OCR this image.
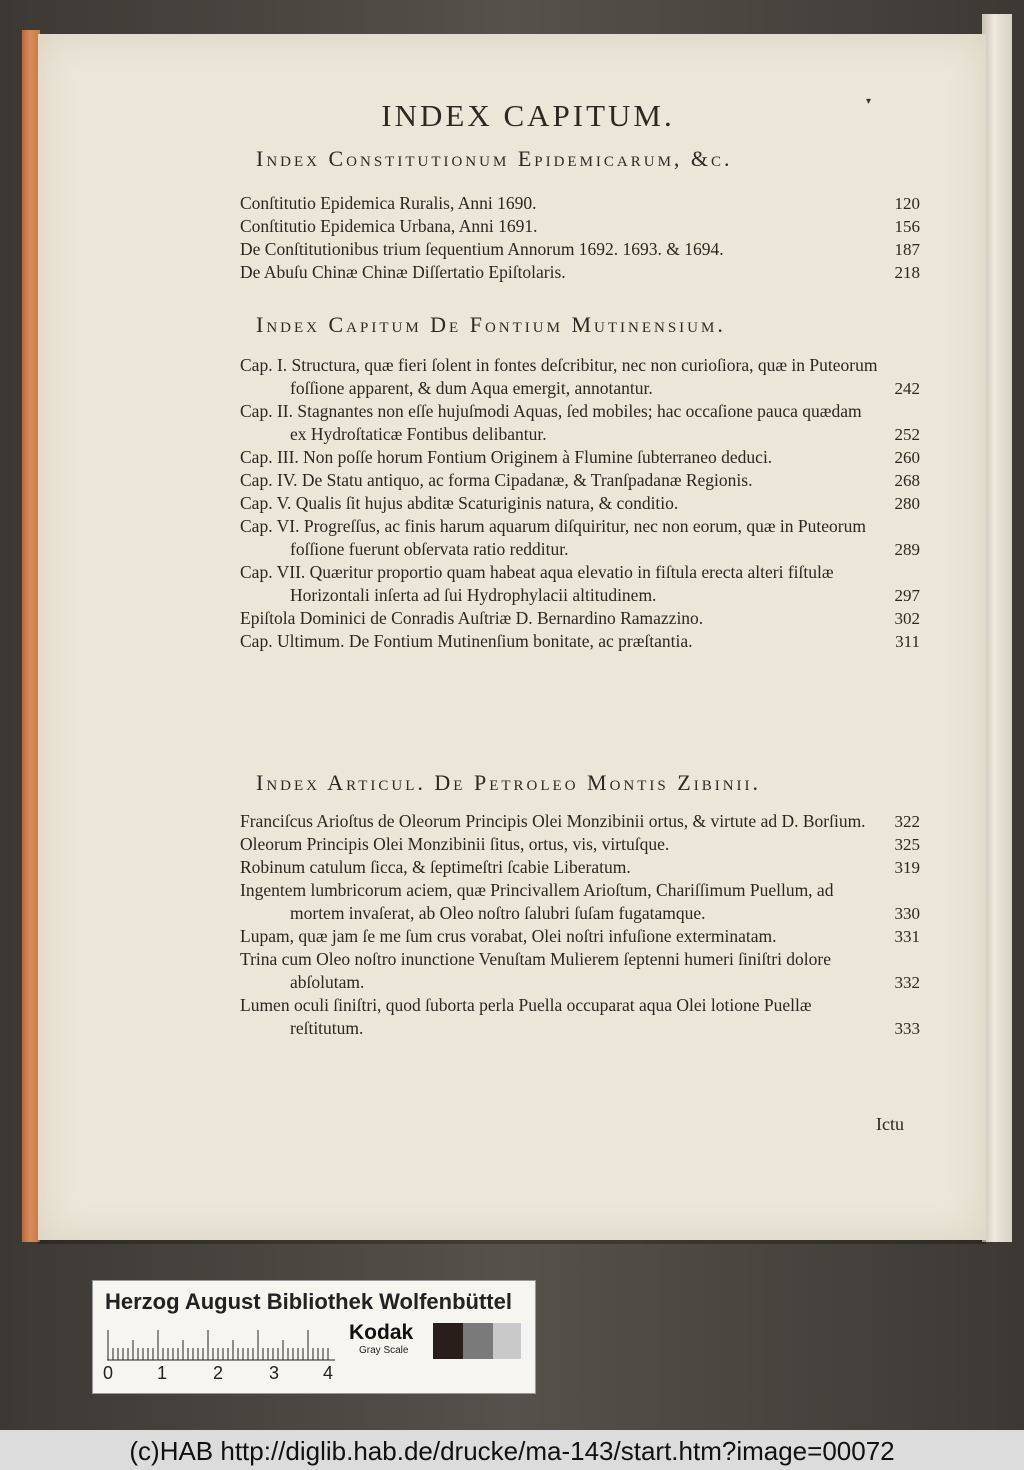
▾
INDEX CAPITUM.
Index Constitutionum Epidemicarum, &c.
Conſtitutio Epidemica Ruralis, Anni 1690.	120
Conſtitutio Epidemica Urbana, Anni 1691.	156
De Conſtitutionibus trium ſequentium Annorum 1692. 1693. & 1694.	187
De Abuſu Chinæ Chinæ Diſſertatio Epiſtolaris.	218
Index Capitum De Fontium Mutinensium.
Cap. I. Structura, quæ fieri ſolent in fontes deſcribitur, nec non curioſiora, quæ in Puteorum foſſione apparent, & dum Aqua emergit, annotantur.	242
Cap. II. Stagnantes non eſſe hujuſmodi Aquas, ſed mobiles; hac occaſione pauca quædam ex Hydroſtaticæ Fontibus delibantur.	252
Cap. III. Non poſſe horum Fontium Originem à Flumine ſubterraneo deduci.	260
Cap. IV. De Statu antiquo, ac forma Cipadanæ, & Tranſpadanæ Regionis.	268
Cap. V. Qualis ſit hujus abditæ Scaturiginis natura, & conditio.	280
Cap. VI. Progreſſus, ac finis harum aquarum diſquiritur, nec non eorum, quæ in Puteorum foſſione fuerunt obſervata ratio redditur.	289
Cap. VII. Quæritur proportio quam habeat aqua elevatio in fiſtula erecta alteri fiſtulæ Horizontali inſerta ad ſui Hydrophylacii altitudinem.	297
Epiſtola Dominici de Conradis Auſtriæ D. Bernardino Ramazzino.	302
Cap. Ultimum. De Fontium Mutinenſium bonitate, ac præſtantia.	311
Index Articul. De Petroleo Montis Zibinii.
Franciſcus Arioſtus de Oleorum Principis Olei Monzibinii ortus, & virtute ad D. Borſium.	322
Oleorum Principis Olei Monzibinii ſitus, ortus, vis, virtuſque.	325
Robinum catulum ſicca, & ſeptimeſtri ſcabie Liberatum.	319
Ingentem lumbricorum aciem, quæ Princivallem Arioſtum, Chariſſimum Puellum, ad mortem invaſerat, ab Oleo noſtro ſalubri ſuſam fugatamque.	330
Lupam, quæ jam ſe me ſum crus vorabat, Olei noſtri infuſione exterminatam.	331
Trina cum Oleo noſtro inunctione Venuſtam Mulierem ſeptenni humeri ſiniſtri dolore abſolutam.	332
Lumen oculi ſiniſtri, quod ſuborta perla Puella occuparat aqua Olei lotione Puellæ reſtitutum.	333
Ictu
Herzog August Bibliothek Wolfenbüttel
0 1	2	3 4
Kodak
Gray Scale
(c)HAB http://diglib.hab.de/drucke/ma-143/start.htm?image=00072
